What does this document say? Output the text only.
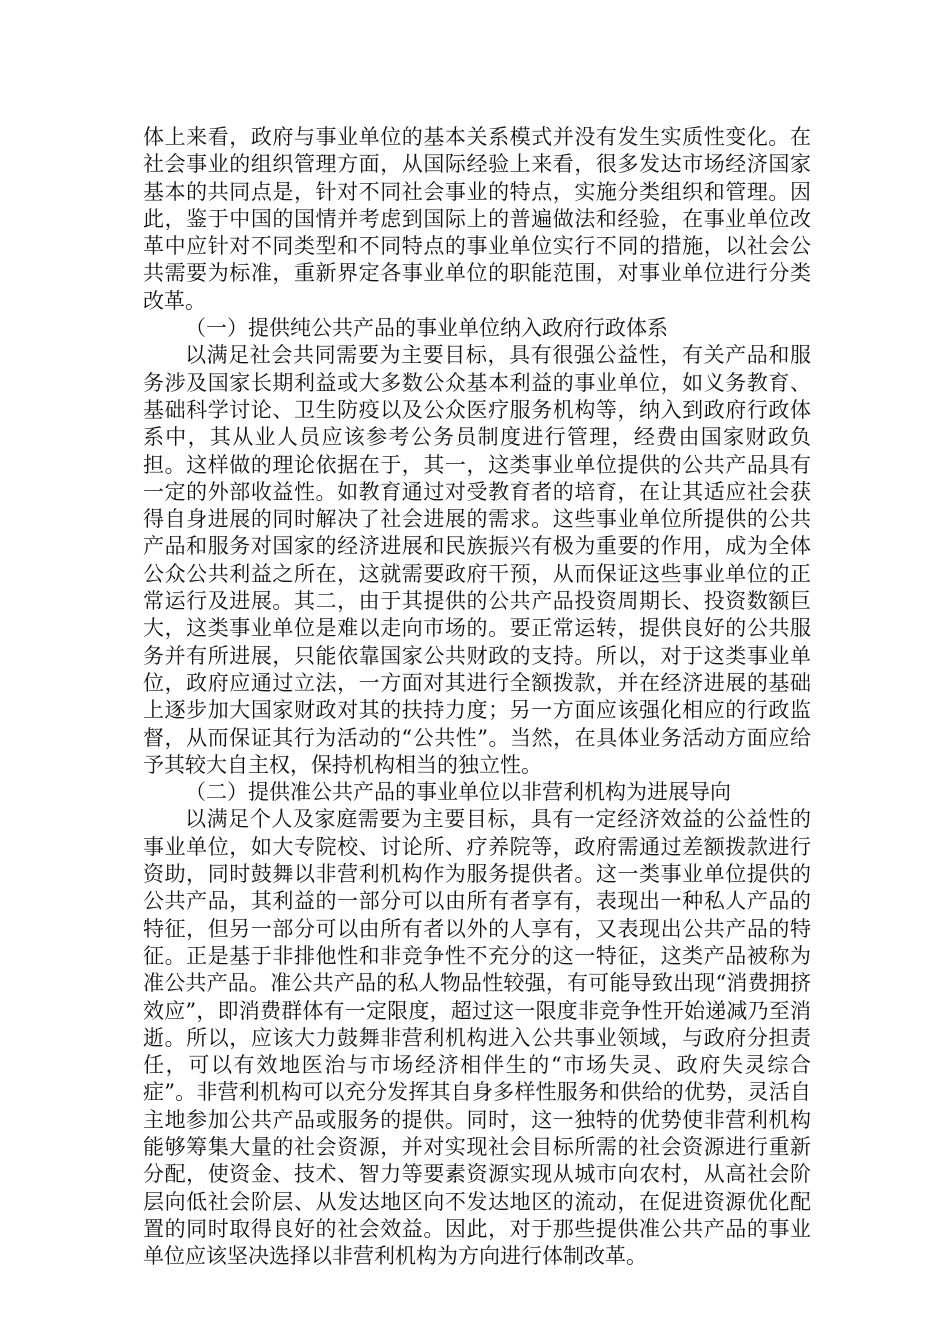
体上来看，政府与事业单位的基本关系模式并没有发生实质性变化。在社会事业的组织管理方面，从国际经验上来看，很多发达市场经济国家基本的共同点是，针对不同社会事业的特点，实施分类组织和管理。因此，鉴于中国的国情并考虑到国际上的普遍做法和经验，在事业单位改革中应针对不同类型和不同特点的事业单位实行不同的措施，以社会公共需要为标准，重新界定各事业单位的职能范围，对事业单位进行分类改革。

（一）提供纯公共产品的事业单位纳入政府行政体系

以满足社会共同需要为主要目标，具有很强公益性，有关产品和服务涉及国家长期利益或大多数公众基本利益的事业单位，如义务教育、基础科学讨论、卫生防疫以及公众医疗服务机构等，纳入到政府行政体系中，其从业人员应该参考公务员制度进行管理，经费由国家财政负担。这样做的理论依据在于，其一，这类事业单位提供的公共产品具有一定的外部收益性。如教育通过对受教育者的培育，在让其适应社会获得自身进展的同时解决了社会进展的需求。这些事业单位所提供的公共产品和服务对国家的经济进展和民族振兴有极为重要的作用，成为全体公众公共利益之所在，这就需要政府干预，从而保证这些事业单位的正常运行及进展。其二，由于其提供的公共产品投资周期长、投资数额巨大，这类事业单位是难以走向市场的。要正常运转，提供良好的公共服务并有所进展，只能依靠国家公共财政的支持。所以，对于这类事业单位，政府应通过立法，一方面对其进行全额拨款，并在经济进展的基础上逐步加大国家财政对其的扶持力度；另一方面应该强化相应的行政监督，从而保证其行为活动的“公共性”。当然，在具体业务活动方面应给予其较大自主权，保持机构相当的独立性。

（二）提供准公共产品的事业单位以非营利机构为进展导向

以满足个人及家庭需要为主要目标，具有一定经济效益的公益性的事业单位，如大专院校、讨论所、疗养院等，政府需通过差额拨款进行资助，同时鼓舞以非营利机构作为服务提供者。这一类事业单位提供的公共产品，其利益的一部分可以由所有者享有，表现出一种私人产品的特征，但另一部分可以由所有者以外的人享有，又表现出公共产品的特征。正是基于非排他性和非竞争性不充分的这一特征，这类产品被称为准公共产品。准公共产品的私人物品性较强，有可能导致出现“消费拥挤效应”，即消费群体有一定限度，超过这一限度非竞争性开始递减乃至消逝。所以，应该大力鼓舞非营利机构进入公共事业领域，与政府分担责任，可以有效地医治与市场经济相伴生的“市场失灵、政府失灵综合症”。非营利机构可以充分发挥其自身多样性服务和供给的优势，灵活自主地参加公共产品或服务的提供。同时，这一独特的优势使非营利机构能够筹集大量的社会资源，并对实现社会目标所需的社会资源进行重新分配，使资金、技术、智力等要素资源实现从城市向农村，从高社会阶层向低社会阶层、从发达地区向不发达地区的流动，在促进资源优化配置的同时取得良好的社会效益。因此，对于那些提供准公共产品的事业单位应该坚决选择以非营利机构为方向进行体制改革。
